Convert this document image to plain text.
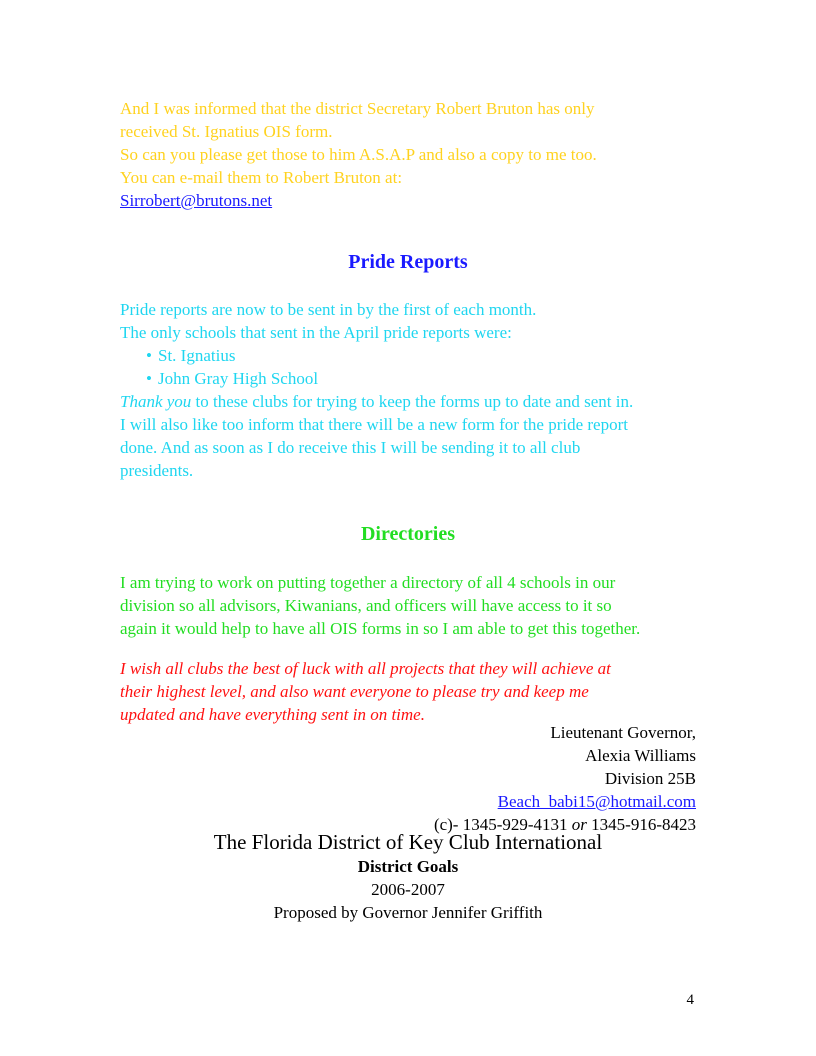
And I was informed that the district Secretary Robert Bruton has only
received St. Ignatius OIS form.
So can you please get those to him A.S.A.P and also a copy to me too.
You can e-mail them to Robert Bruton at:
Sirrobert@brutons.net
Pride Reports
Pride reports are now to be sent in by the first of each month.
The only schools that sent in the April pride reports were:
• St. Ignatius
• John Gray High School
Thank you to these clubs for trying to keep the forms up to date and sent in.
I will also like too inform that there will be a new form for the pride report
done. And as soon as I do receive this I will be sending it to all club
presidents.
Directories
I am trying to work on putting together a directory of all 4 schools in our
division so all advisors, Kiwanians, and officers will have access to it so
again it would help to have all OIS forms in so I am able to get this together.
I wish all clubs the best of luck with all projects that they will achieve at
their highest level, and also want everyone to please try and keep me
updated and have everything sent in on time.
Lieutenant Governor,
Alexia Williams
Division 25B
Beach_babi15@hotmail.com
(c)- 1345-929-4131 or 1345-916-8423
The Florida District of Key Club International
District Goals
2006-2007
Proposed by Governor Jennifer Griffith
4
